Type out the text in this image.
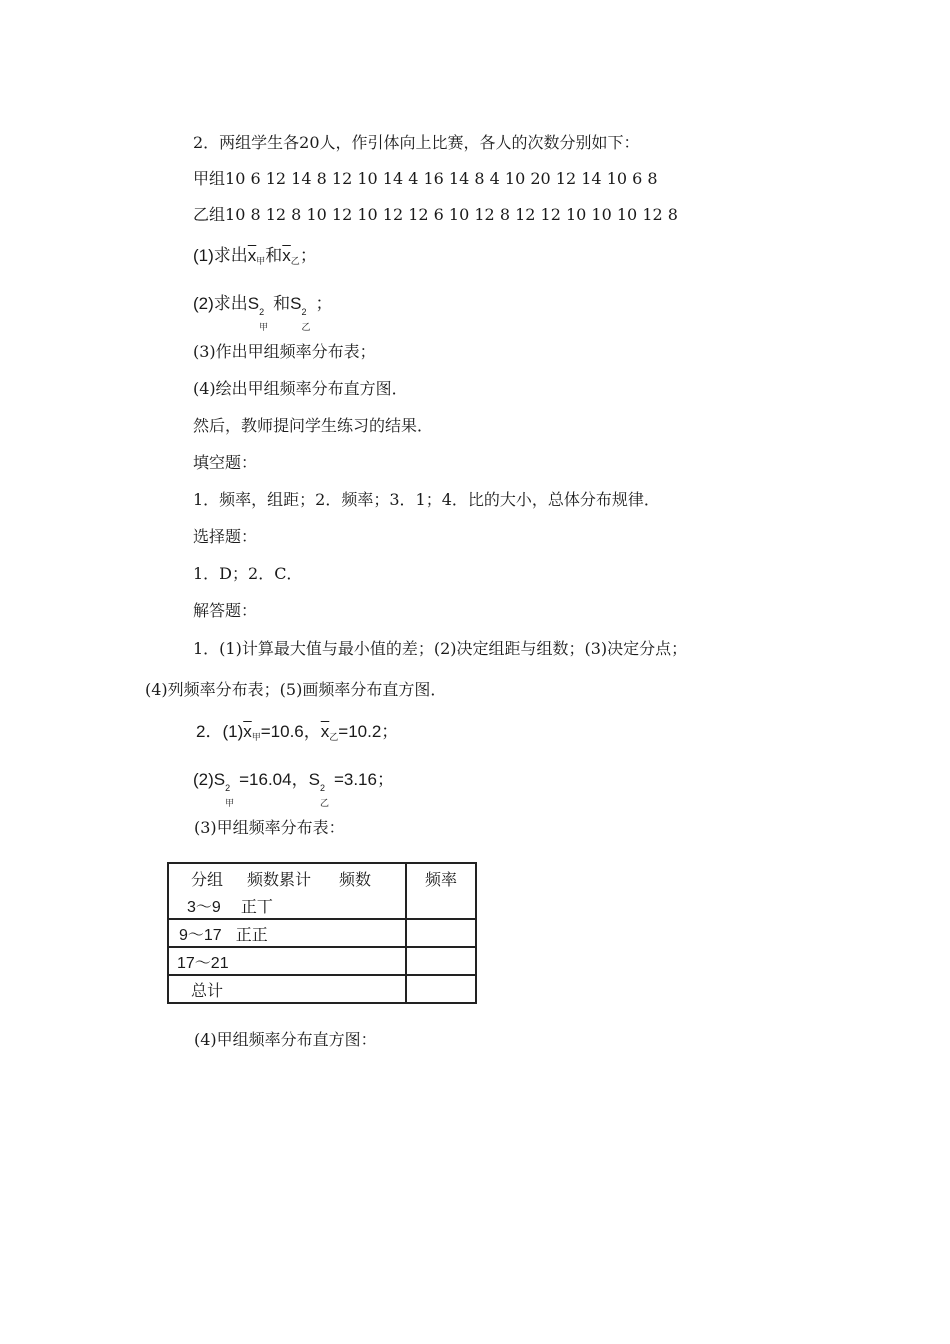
2．两组学生各20人，作引体向上比赛，各人的次数分别如下：
甲组10 6 12 14 8 12 10 14 4 16 14 8 4 10 20 12 14 10 6 8
乙组10 8 12 8 10 12 10 12 12 6 10 12 8 12 12 10 10 10 12 8
(1)求出$\overline{x}_甲$和$\overline{x}_乙$；
(2)求出S 2
甲
和S 2
乙
；
(3)作出甲组频率分布表；
(4)绘出甲组频率分布直方图．
然后，教师提问学生练习的结果．
填空题：
1．频率，组距；2．频率；3．1；4．比的大小，总体分布规律．
选择题：
1．D；2．C．
解答题：
1．(1)计算最大值与最小值的差；(2)决定组距与组数；(3)决定分点；
(4)列频率分布表；(5)画频率分布直方图．
2．$(1)\overline{x}_甲=10.6$，$\overline{x}_乙=10.2$；
(2)S 2
甲
=16.04，S 2
乙
=3.16；
(3)甲组频率分布表：
分组 频数累计 频数	频率
3～9 正丅	
9～17 正正	
17～21	
总计	
(4)甲组频率分布直方图：
